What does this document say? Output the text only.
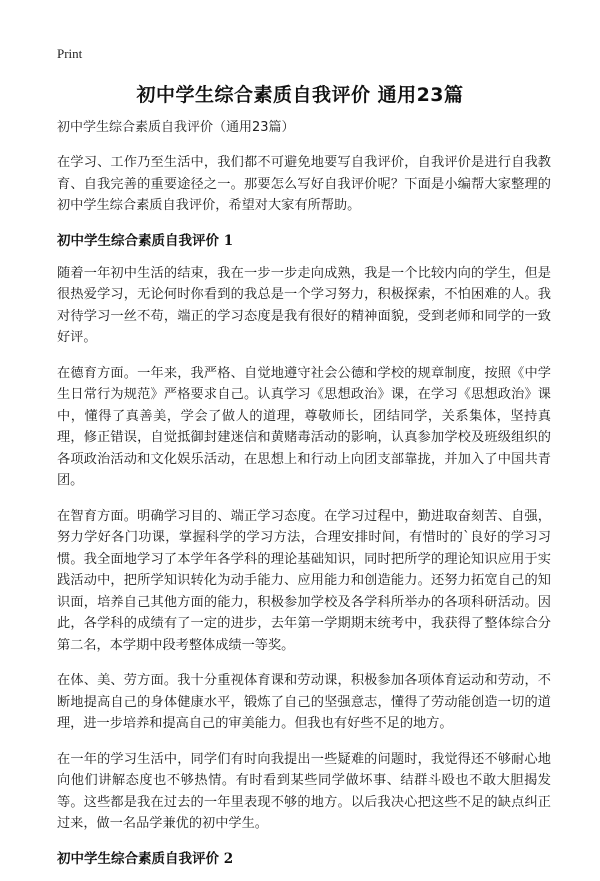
Print
初中学生综合素质自我评价 通用23篇

初中学生综合素质自我评价（通用23篇）

在学习、工作乃至生活中，我们都不可避免地要写自我评价，自我评价是进行自我教育、自我完善的重要途径之一。那要怎么写好自我评价呢？下面是小编帮大家整理的初中学生综合素质自我评价，希望对大家有所帮助。

初中学生综合素质自我评价 1

随着一年初中生活的结束，我在一步一步走向成熟，我是一个比较内向的学生，但是很热爱学习，无论何时你看到的我总是一个学习努力，积极探索，不怕困难的人。我对待学习一丝不苟，端正的学习态度是我有很好的精神面貌，受到老师和同学的一致好评。

在德育方面。一年来，我严格、自觉地遵守社会公德和学校的规章制度，按照《中学生日常行为规范》严格要求自己。认真学习《思想政治》课，在学习《思想政治》课中，懂得了真善美，学会了做人的道理，尊敬师长，团结同学，关系集体，坚持真理，修正错误，自觉抵御封建迷信和黄赌毒活动的影响，认真参加学校及班级组织的各项政治活动和文化娱乐活动，在思想上和行动上向团支部靠拢，并加入了中国共青团。

在智育方面。明确学习目的、端正学习态度。在学习过程中，勤进取奋刻苦、自强，努力学好各门功课，掌握科学的学习方法，合理安排时间，有惜时的`良好的学习习惯。我全面地学习了本学年各学科的理论基础知识，同时把所学的理论知识应用于实践活动中，把所学知识转化为动手能力、应用能力和创造能力。还努力拓宽自己的知识面，培养自己其他方面的能力，积极参加学校及各学科所举办的各项科研活动。因此，各学科的成绩有了一定的进步，去年第一学期期末统考中，我获得了整体综合分第二名，本学期中段考整体成绩一等奖。

在体、美、劳方面。我十分重视体育课和劳动课，积极参加各项体育运动和劳动，不断地提高自己的身体健康水平，锻炼了自己的坚强意志，懂得了劳动能创造一切的道理，进一步培养和提高自己的审美能力。但我也有好些不足的地方。

在一年的学习生活中，同学们有时向我提出一些疑难的问题时，我觉得还不够耐心地向他们讲解态度也不够热情。有时看到某些同学做坏事、结群斗殴也不敢大胆揭发等。这些都是我在过去的一年里表现不够的地方。以后我决心把这些不足的缺点纠正过来，做一名品学兼优的初中学生。

初中学生综合素质自我评价 2
